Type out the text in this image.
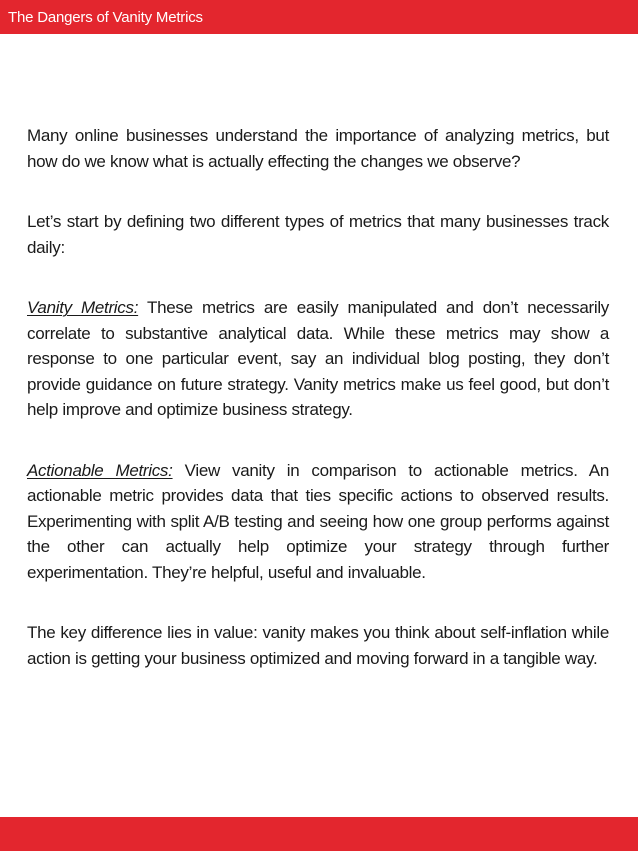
The Dangers of Vanity Metrics

Many online businesses understand the importance of analyzing metrics, but how do we know what is actually effecting the changes we observe?

Let’s start by defining two different types of metrics that many businesses track daily:

Vanity Metrics: These metrics are easily manipulated and don’t necessarily correlate to substantive analytical data. While these metrics may show a response to one particular event, say an individual blog posting, they don’t provide guidance on future strategy. Vanity metrics make us feel good, but don’t help improve and optimize business strategy.

Actionable Metrics: View vanity in comparison to actionable metrics. An actionable metric provides data that ties specific actions to observed results. Experimenting with split A/B testing and seeing how one group performs against the other can actually help optimize your strategy through further experimentation. They’re helpful, useful and invaluable.

The key difference lies in value: vanity makes you think about self-inflation while action is getting your business optimized and moving forward in a tangible way.
